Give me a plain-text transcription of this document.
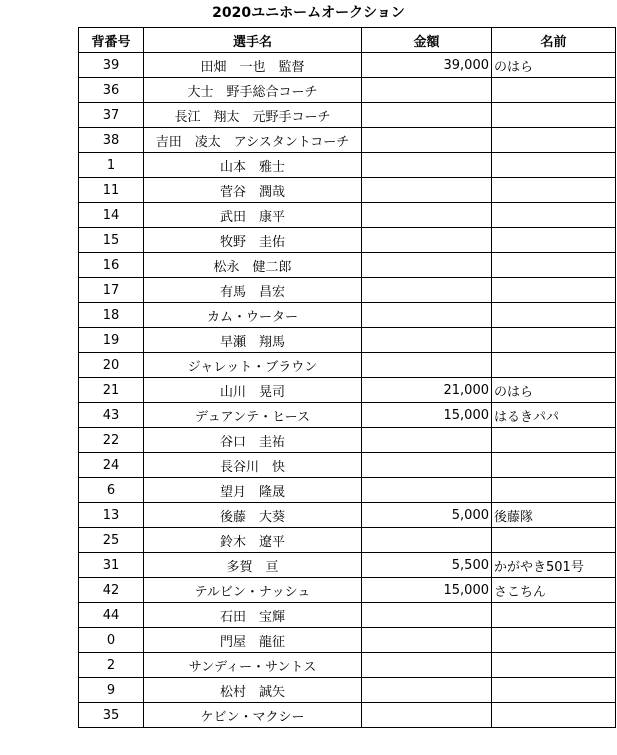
2020ユニホームオークション
背番号	選手名	金額	名前
39	田畑　一也　監督	39,000	のはら
36	大士　野手総合コーチ		
37	長江　翔太　元野手コーチ		
38	吉田　凌太　アシスタントコーチ		
1	山本　雅士		
11	菅谷　潤哉		
14	武田　康平		
15	牧野　圭佑		
16	松永　健二郎		
17	有馬　昌宏		
18	カム・ウーター		
19	早瀬　翔馬		
20	ジャレット・ブラウン		
21	山川　晃司	21,000	のはら
43	デュアンテ・ヒース	15,000	はるきパパ
22	谷口　圭祐		
24	長谷川　快		
6	望月　隆晟		
13	後藤　大葵	5,000	後藤隊
25	鈴木　遼平		
31	多賀　亘	5,500	かがやき501号
42	テルビン・ナッシュ	15,000	さこちん
44	石田　宝輝		
0	門屋　龍征		
2	サンディー・サントス		
9	松村　誠矢		
35	ケビン・マクシー		
